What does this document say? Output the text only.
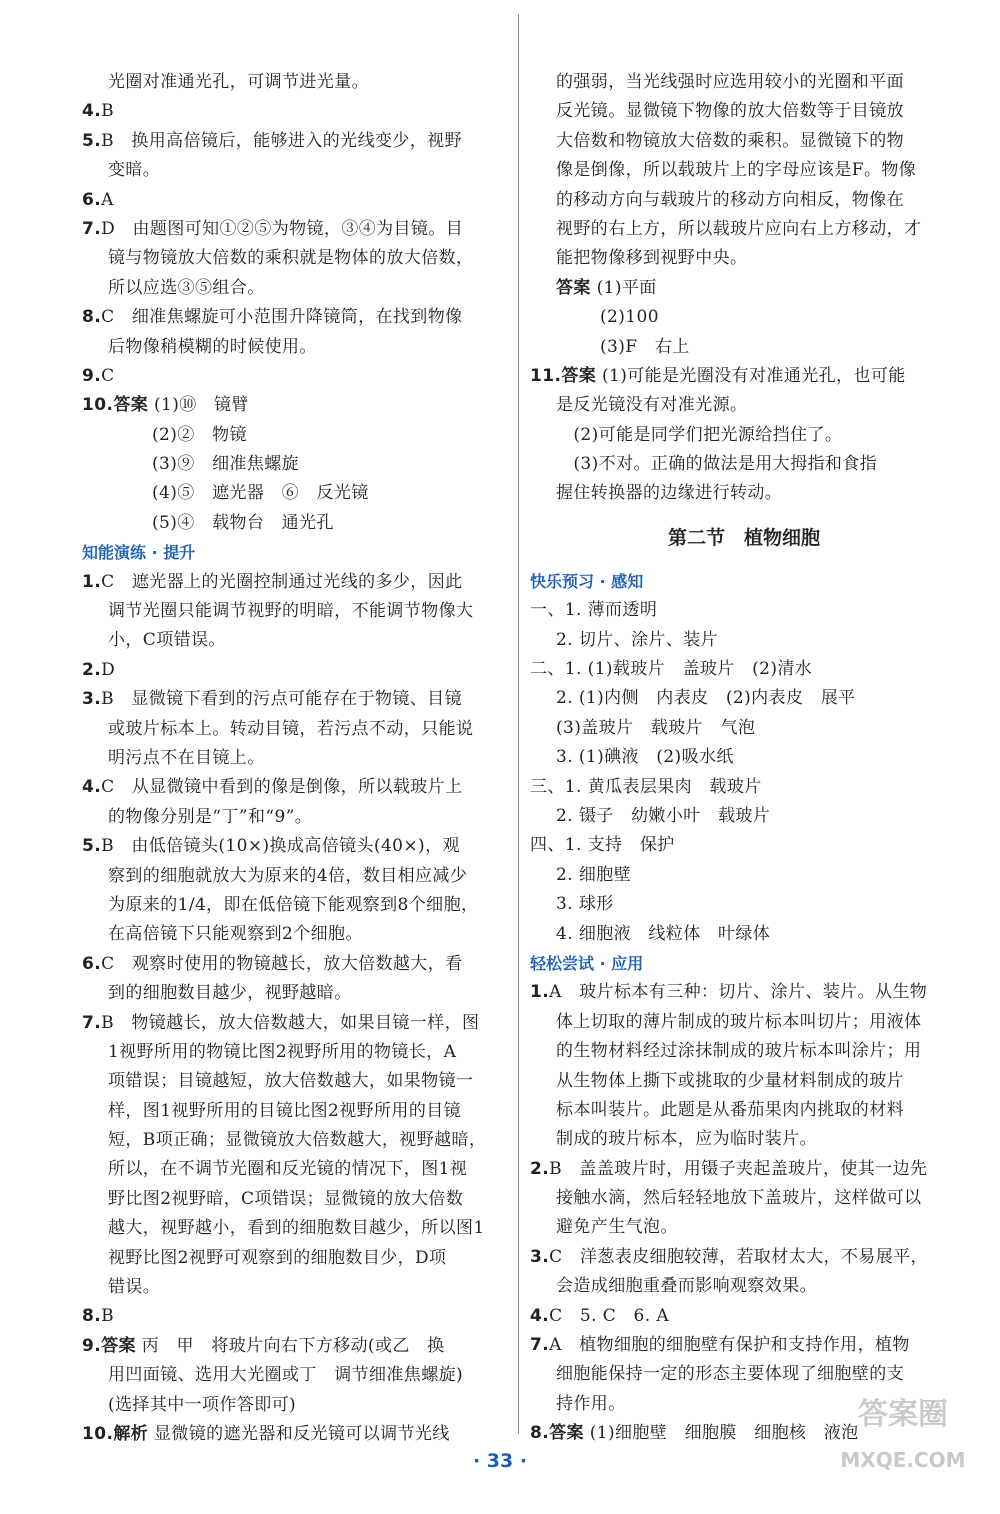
光圈对准通光孔，可调节进光量。
4.B
5.B　换用高倍镜后，能够进入的光线变少，视野
变暗。
6.A
7.D　由题图可知①②⑤为物镜，③④为目镜。目
镜与物镜放大倍数的乘积就是物体的放大倍数，
所以应选③⑤组合。
8.C　细准焦螺旋可小范围升降镜筒，在找到物像
后物像稍模糊的时候使用。
9.C
10.答案 (1)⑩　镜臂
(2)②　物镜
(3)⑨　细准焦螺旋
(4)⑤　遮光器　⑥　反光镜
(5)④　载物台　通光孔
知能演练 · 提升
1.C　遮光器上的光圈控制通过光线的多少，因此
调节光圈只能调节视野的明暗，不能调节物像大
小，C项错误。
2.D
3.B　显微镜下看到的污点可能存在于物镜、目镜
或玻片标本上。转动目镜，若污点不动，只能说
明污点不在目镜上。
4.C　从显微镜中看到的像是倒像，所以载玻片上
的物像分别是“丁”和“9”。
5.B　由低倍镜头(10×)换成高倍镜头(40×)，观
察到的细胞就放大为原来的4倍，数目相应减少
为原来的1/4，即在低倍镜下能观察到8个细胞，
在高倍镜下只能观察到2个细胞。
6.C　观察时使用的物镜越长，放大倍数越大，看
到的细胞数目越少，视野越暗。
7.B　物镜越长，放大倍数越大，如果目镜一样，图
1视野所用的物镜比图2视野所用的物镜长，A
项错误；目镜越短，放大倍数越大，如果物镜一
样，图1视野所用的目镜比图2视野所用的目镜
短，B项正确；显微镜放大倍数越大，视野越暗，
所以，在不调节光圈和反光镜的情况下，图1视
野比图2视野暗，C项错误；显微镜的放大倍数
越大，视野越小，看到的细胞数目越少，所以图1
视野比图2视野可观察到的细胞数目少，D项
错误。
8.B
9.答案 丙　甲　将玻片向右下方移动(或乙　换
用凹面镜、选用大光圈或丁　调节细准焦螺旋)
(选择其中一项作答即可)
10.解析 显微镜的遮光器和反光镜可以调节光线
的强弱，当光线强时应选用较小的光圈和平面
反光镜。显微镜下物像的放大倍数等于目镜放
大倍数和物镜放大倍数的乘积。显微镜下的物
像是倒像，所以载玻片上的字母应该是F。物像
的移动方向与载玻片的移动方向相反，物像在
视野的右上方，所以载玻片应向右上方移动，才
能把物像移到视野中央。
答案 (1)平面
(2)100
(3)F　右上
11.答案 (1)可能是光圈没有对准通光孔，也可能
是反光镜没有对准光源。
　(2)可能是同学们把光源给挡住了。
　(3)不对。正确的做法是用大拇指和食指
握住转换器的边缘进行转动。
第二节　植物细胞
快乐预习 · 感知
一、1. 薄而透明
2. 切片、涂片、装片
二、1. (1)载玻片　盖玻片　(2)清水
2. (1)内侧　内表皮　(2)内表皮　展平
(3)盖玻片　载玻片　气泡
3. (1)碘液　(2)吸水纸
三、1. 黄瓜表层果肉　载玻片
2. 镊子　幼嫩小叶　载玻片
四、1. 支持　保护
2. 细胞壁
3. 球形
4. 细胞液　线粒体　叶绿体
轻松尝试 · 应用
1.A　玻片标本有三种：切片、涂片、装片。从生物
体上切取的薄片制成的玻片标本叫切片；用液体
的生物材料经过涂抹制成的玻片标本叫涂片；用
从生物体上撕下或挑取的少量材料制成的玻片
标本叫装片。此题是从番茄果肉内挑取的材料
制成的玻片标本，应为临时装片。
2.B　盖盖玻片时，用镊子夹起盖玻片，使其一边先
接触水滴，然后轻轻地放下盖玻片，这样做可以
避免产生气泡。
3.C　洋葱表皮细胞较薄，若取材太大，不易展平，
会造成细胞重叠而影响观察效果。
4.C　5. C　6. A
7.A　植物细胞的细胞壁有保护和支持作用，植物
细胞能保持一定的形态主要体现了细胞壁的支
持作用。
8.答案 (1)细胞壁　细胞膜　细胞核　液泡
· 33 ·
答案圈
MXQE.COM
